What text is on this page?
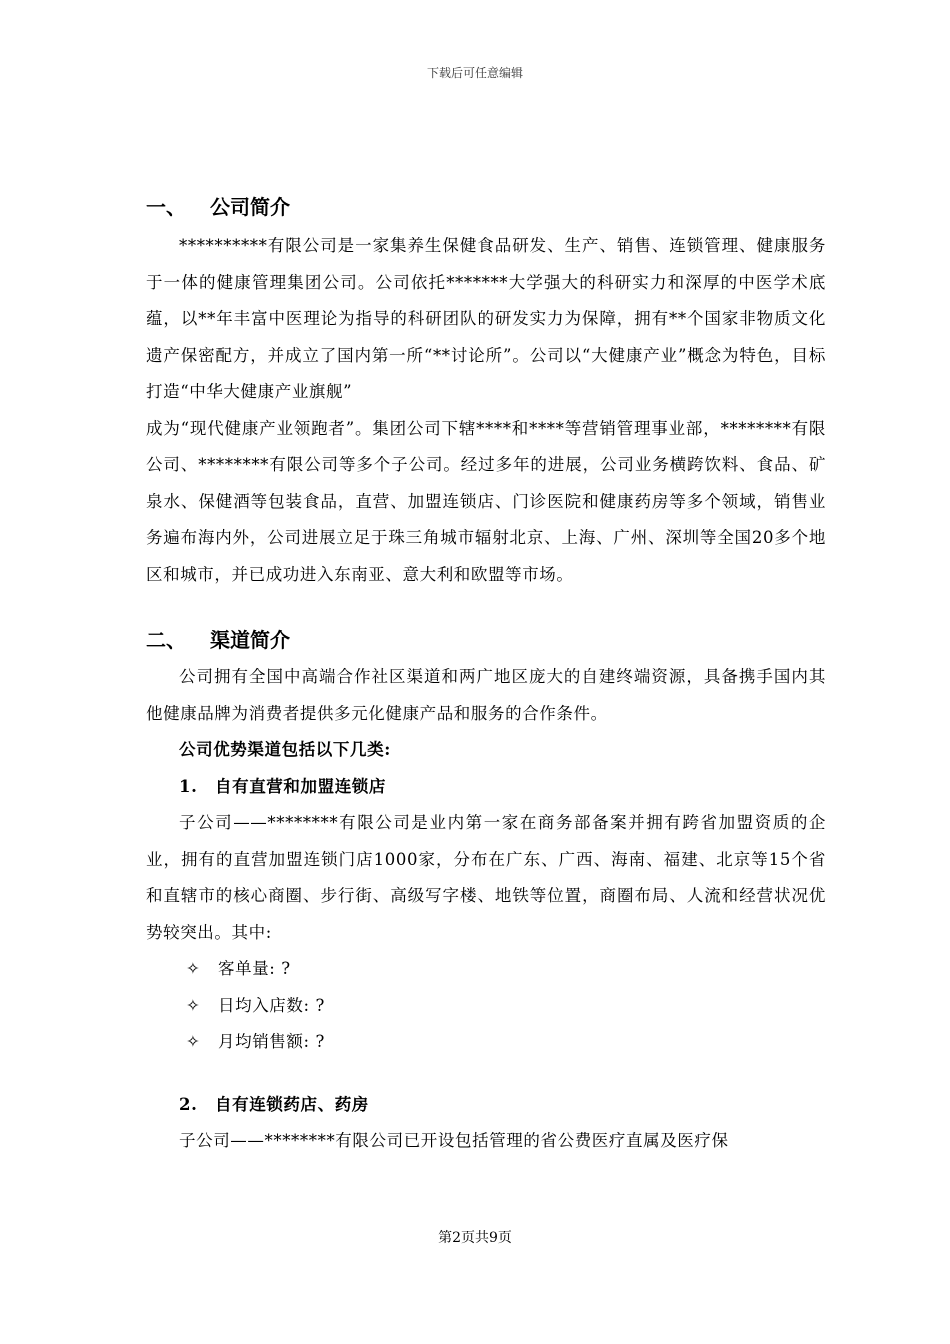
下载后可任意编辑
一、	公司简介

**********有限公司是一家集养生保健食品研发、生产、销售、连锁管理、健康服务于一体的健康管理集团公司。公司依托*******大学强大的科研实力和深厚的中医学术底蕴，以**年丰富中医理论为指导的科研团队的研发实力为保障，拥有**个国家非物质文化遗产保密配方，并成立了国内第一所“**讨论所”。公司以“大健康产业”概念为特色，目标打造“中华大健康产业旗舰”

成为“现代健康产业领跑者”。集团公司下辖****和****等营销管理事业部，********有限公司、********有限公司等多个子公司。经过多年的进展，公司业务横跨饮料、食品、矿泉水、保健酒等包装食品，直营、加盟连锁店、门诊医院和健康药房等多个领域，销售业务遍布海内外，公司进展立足于珠三角城市辐射北京、上海、广州、深圳等全国20多个地区和城市，并已成功进入东南亚、意大利和欧盟等市场。

二、	渠道简介

公司拥有全国中高端合作社区渠道和两广地区庞大的自建终端资源，具备携手国内其他健康品牌为消费者提供多元化健康产品和服务的合作条件。

公司优势渠道包括以下几类:
1.	自有直营和加盟连锁店

子公司——********有限公司是业内第一家在商务部备案并拥有跨省加盟资质的企业，拥有的直营加盟连锁门店1000家，分布在广东、广西、海南、福建、北京等15个省和直辖市的核心商圈、步行街、高级写字楼、地铁等位置，商圈布局、人流和经营状况优势较突出。其中:

✧	客单量: ?
✧	日均入店数: ?
✧	月均销售额: ?
2.	自有连锁药店、药房

子公司——********有限公司已开设包括管理的省公费医疗直属及医疗保

第2页共9页
